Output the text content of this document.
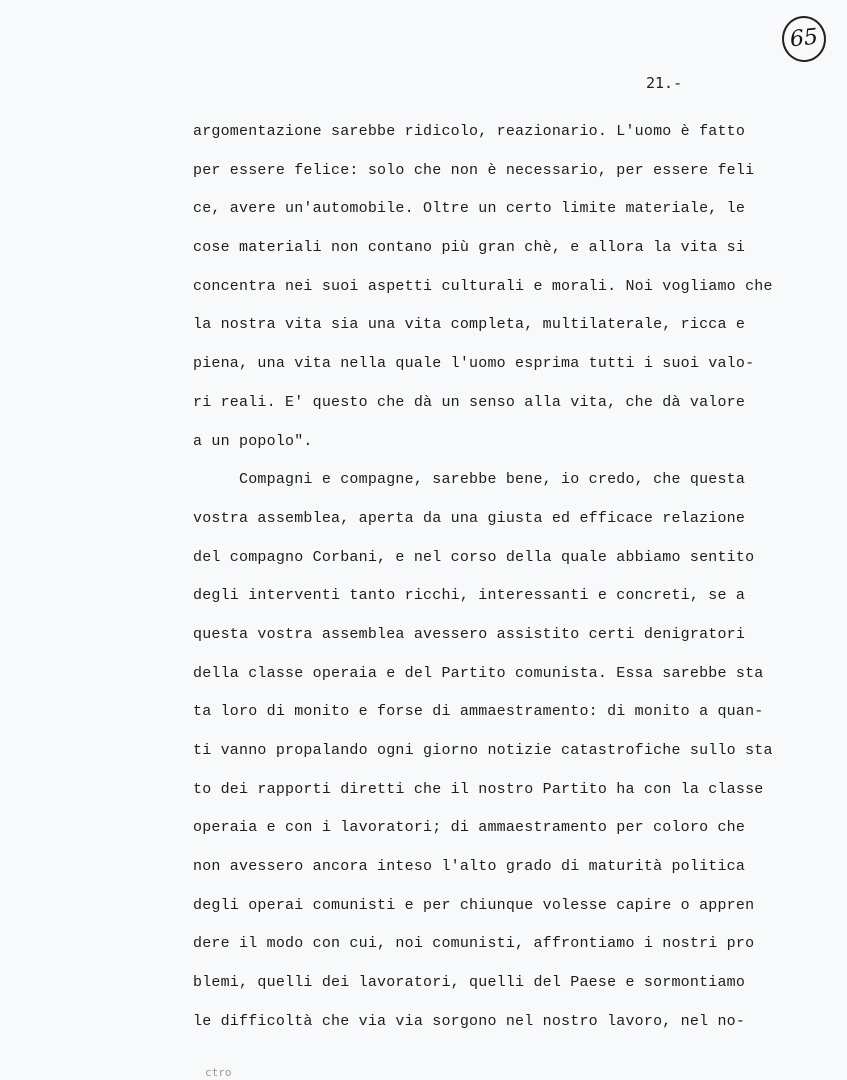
65
21.-
argomentazione sarebbe ridicolo, reazionario. L'uomo è fatto
per essere felice: solo che non è necessario, per essere feli
ce, avere un'automobile. Oltre un certo limite materiale, le
cose materiali non contano più gran chè, e allora la vita si
concentra nei suoi aspetti culturali e morali. Noi vogliamo che
la nostra vita sia una vita completa, multilaterale, ricca e
piena, una vita nella quale l'uomo esprima tutti i suoi valo-
ri reali. E' questo che dà un senso alla vita, che dà valore
a un popolo".
Compagni e compagne, sarebbe bene, io credo, che questa
vostra assemblea, aperta da una giusta ed efficace relazione
del compagno Corbani, e nel corso della quale abbiamo sentito
degli interventi tanto ricchi, interessanti e concreti, se a
questa vostra assemblea avessero assistito certi denigratori
della classe operaia e del Partito comunista. Essa sarebbe sta
ta loro di monito e forse di ammaestramento: di monito a quan-
ti vanno propalando ogni giorno notizie catastrofiche sullo sta
to dei rapporti diretti che il nostro Partito ha con la classe
operaia e con i lavoratori; di ammaestramento per coloro che
non avessero ancora inteso l'alto grado di maturità politica
degli operai comunisti e per chiunque volesse capire o appren
dere il modo con cui, noi comunisti, affrontiamo i nostri pro
blemi, quelli dei lavoratori, quelli del Paese e sormontiamo
le difficoltà che via via sorgono nel nostro lavoro, nel no-
ctro
